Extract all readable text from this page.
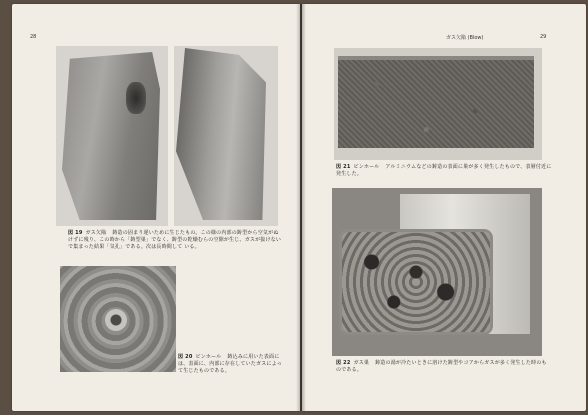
28
図 19 ガス欠陥 鋳造の固まり遅いために生じたもの。この様の内部の鋳型から空気がぬけずに残り、この時から「鋳型巣」でなく、鋳型の乾燥むらの空隙が生じ、ガスが抜けないで集まった結果「気孔」である。次は長時間して いる。
図 20 ピンホール 鋳込みに用いた表面には、表面に、内部に存在していたガスによって生じたものである。
ガス欠陥 (Blow)	29
図 21 ピンホール アルミニウムなどの鋳造の表面に巣が多く発生したもので、表層付近に発生した。
図 22 ガス巣 鋳造の湯が冷たいときに溶けた鋳型やコアからガスが多く発生した時のものである。
